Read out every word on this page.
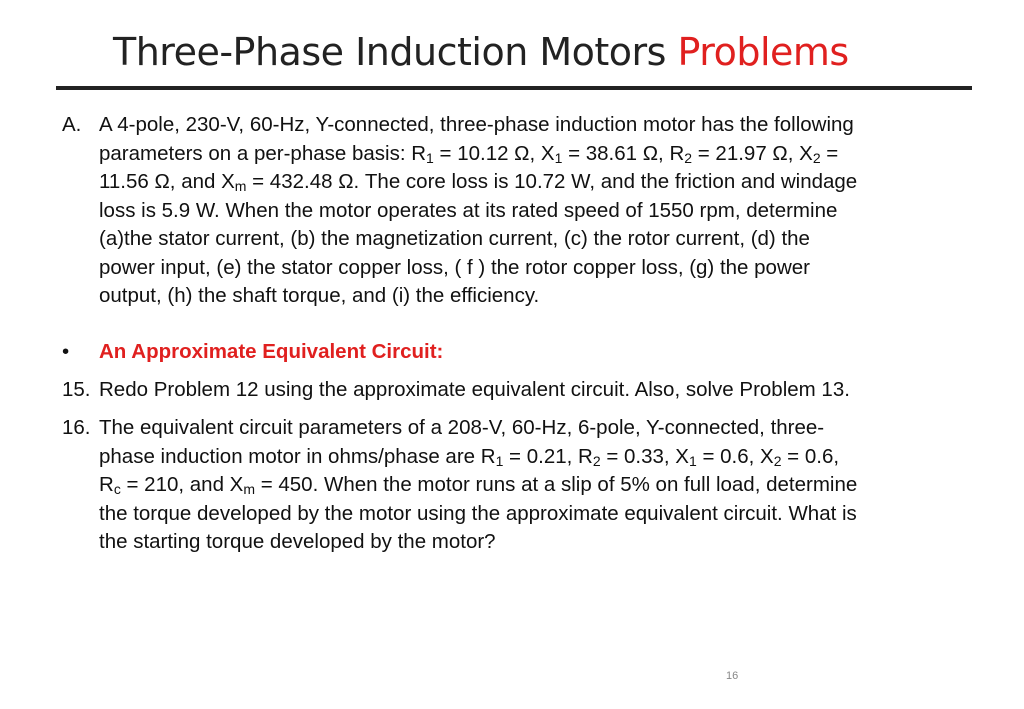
Three-Phase Induction Motors Problems
A. A 4-pole, 230-V, 60-Hz, Y-connected, three-phase induction motor has the following

parameters on a per-phase basis: $R_1 = 10.12$ Ω, $X_1 = 38.61$ Ω, $R_2 = 21.97$ Ω, $X_2$ =

11.56 Ω, and $X_m = 432.48$ Ω. The core loss is 10.72 W, and the friction and windage

loss is 5.9 W. When the motor operates at its rated speed of 1550 rpm, determine

(a)the stator current, (b) the magnetization current, (c) the rotor current, (d) the

power input, (e) the stator copper loss, ( f ) the rotor copper loss, (g) the power

output, (h) the shaft torque, and (i) the efficiency.

• An Approximate Equivalent Circuit:

15. Redo Problem 12 using the approximate equivalent circuit. Also, solve Problem 13.

16. The equivalent circuit parameters of a 208-V, 60-Hz, 6-pole, Y-connected, three-

phase induction motor in ohms/phase are $R_1 = 0.21$, $R_2 = 0.33$, $X_1 = 0.6$, $X_2 = 0.6$,

$R_c = 210$, and $X_m = 450$. When the motor runs at a slip of 5% on full load, determine

the torque developed by the motor using the approximate equivalent circuit. What is

the starting torque developed by the motor?

16
